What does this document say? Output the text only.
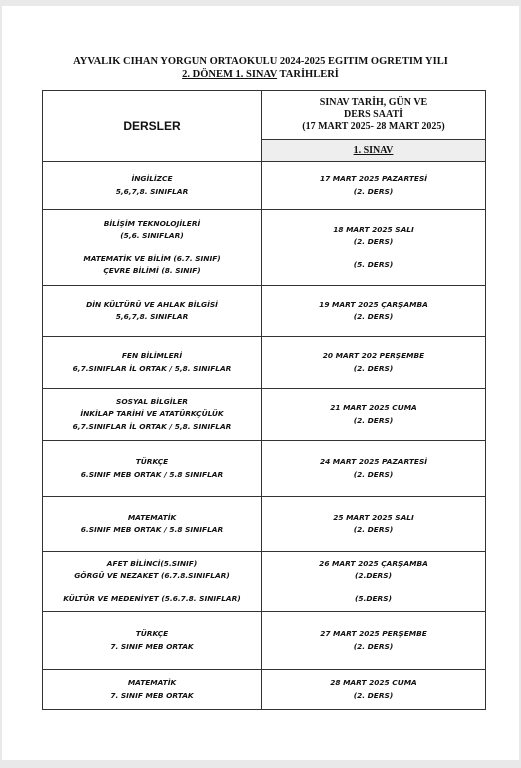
AYVALIK CIHAN YORGUN ORTAOKULU 2024-2025 EGITIM OGRETIM YILI
2. DÖNEM 1. SINAV TARİHLERİ
DERSLER	SINAV TARİH, GÜN VE
DERS SAATİ
(17 MART 2025- 28 MART 2025)

	1. SINAV

İNGİLİZCE
5,6,7,8. SINIFLAR	17 MART 2025 PAZARTESİ
(2. DERS)

BİLİŞİM TEKNOLOJİLERİ
(5,6. SINIFLAR)
MATEMATİK VE BİLİM (6.7. SINIF)
ÇEVRE BİLİMİ (8. SINIF)	18 MART 2025 SALI
(2. DERS)
(5. DERS)

DİN KÜLTÜRÜ VE AHLAK BİLGİSİ
5,6,7,8. SINIFLAR	19 MART 2025 ÇARŞAMBA
(2. DERS)

FEN BİLİMLERİ
6,7.SINIFLAR İL ORTAK / 5,8. SINIFLAR	20 MART 202 PERŞEMBE
(2. DERS)

SOSYAL BİLGİLER
İNKİLAP TARİHİ VE ATATÜRKÇÜLÜK
6,7.SINIFLAR İL ORTAK / 5,8. SINIFLAR	21 MART 2025 CUMA
(2. DERS)

TÜRKÇE
6.SINIF MEB ORTAK / 5.8 SINIFLAR	24 MART 2025 PAZARTESİ
(2. DERS)

MATEMATİK
6.SINIF MEB ORTAK / 5.8 SINIFLAR	25 MART 2025 SALI
(2. DERS)

AFET BİLİNCİ(5.SINIF)
GÖRGÜ VE NEZAKET (6.7.8.SINIFLAR)
KÜLTÜR VE MEDENİYET (5.6.7.8. SINIFLAR)	26 MART 2025 ÇARŞAMBA
(2.DERS)
(5.DERS)

TÜRKÇE
7. SINIF MEB ORTAK	27 MART 2025 PERŞEMBE
(2. DERS)

MATEMATİK
7. SINIF MEB ORTAK	28 MART 2025 CUMA
(2. DERS)
